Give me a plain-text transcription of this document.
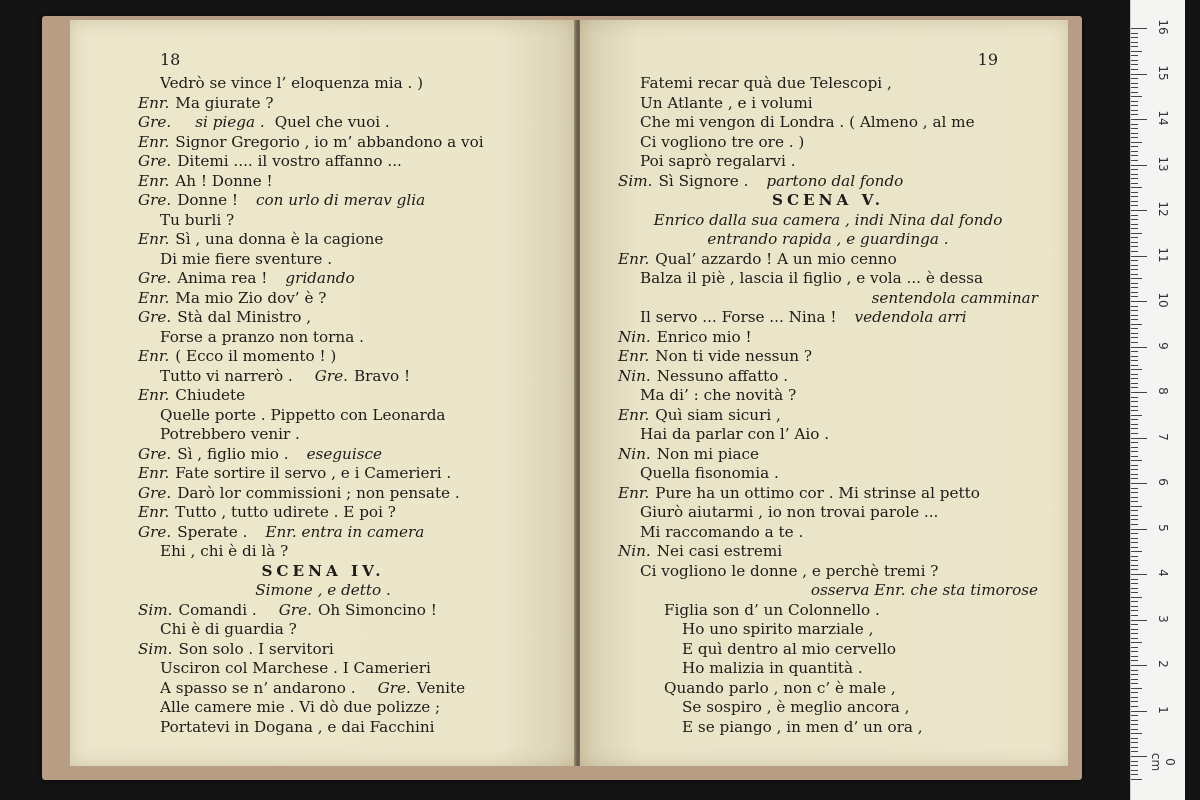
18
Vedrò se vince l’ eloquenza mia . )
Enr. Ma giurate ?
Gre. si piega . Quel che vuoi .
Enr. Signor Gregorio , io m’ abbandono a voi
Gre. Ditemi .... il vostro affanno ...
Enr. Ah ! Donne !
Gre. Donne ! con urlo di merav glia
Tu burli ?
Enr. Sì , una donna è la cagione
Di mie fiere sventure .
Gre. Anima rea ! gridando
Enr. Ma mio Zio dov’ è ?
Gre. Stà dal Ministro ,
Forse a pranzo non torna .
Enr. ( Ecco il momento ! )
Tutto vi narrerò . Gre. Bravo !
Enr. Chiudete
Quelle porte . Pippetto con Leonarda
Potrebbero venir .
Gre. Sì , figlio mio . eseguisce
Enr. Fate sortire il servo , e i Camerieri .
Gre. Darò lor commissioni ; non pensate .
Enr. Tutto , tutto udirete . E poi ?
Gre. Sperate . Enr. entra in camera
Ehi , chi è di là ?
SCENA IV.
Simone , e detto .
Sim. Comandi . Gre. Oh Simoncino !
Chi è di guardia ?
Sim. Son solo . I servitori
Usciron col Marchese . I Camerieri
A spasso se n’ andarono . Gre. Venite
Alle camere mie . Vi dò due polizze ;
Portatevi in Dogana , e dai Facchini
19
Fatemi recar quà due Telescopi ,
Un Atlante , e i volumi
Che mi vengon di Londra . ( Almeno , al me
Ci vogliono tre ore . )
Poi saprò regalarvi .
Sim. Sì Signore . partono dal fondo
SCENA V.
Enrico dalla sua camera , indi Nina dal fondo
entrando rapida , e guardinga .
Enr. Qual’ azzardo ! A un mio cenno
Balza il piè , lascia il figlio , e vola ... è dessa
sentendola camminar
Il servo ... Forse ... Nina ! vedendola arri
Nin. Enrico mio !
Enr. Non ti vide nessun ?
Nin. Nessuno affatto .
Ma di’ : che novità ?
Enr. Quì siam sicuri ,
Hai da parlar con l’ Aio .
Nin. Non mi piace
Quella fisonomia .
Enr. Pure ha un ottimo cor . Mi strinse al petto
Giurò aiutarmi , io non trovai parole ...
Mi raccomando a te .
Nin. Nei casi estremi
Ci vogliono le donne , e perchè tremi ?
osserva Enr. che sta timorose
Figlia son d’ un Colonnello .
Ho uno spirito marziale ,
E quì dentro al mio cervello
Ho malizia in quantità .
Quando parlo , non c’ è male ,
Se sospiro , è meglio ancora ,
E se piango , in men d’ un ora ,
16
15
14
13
12
11
10
9
8
7
6
5
4
3
2
1
0 cm
